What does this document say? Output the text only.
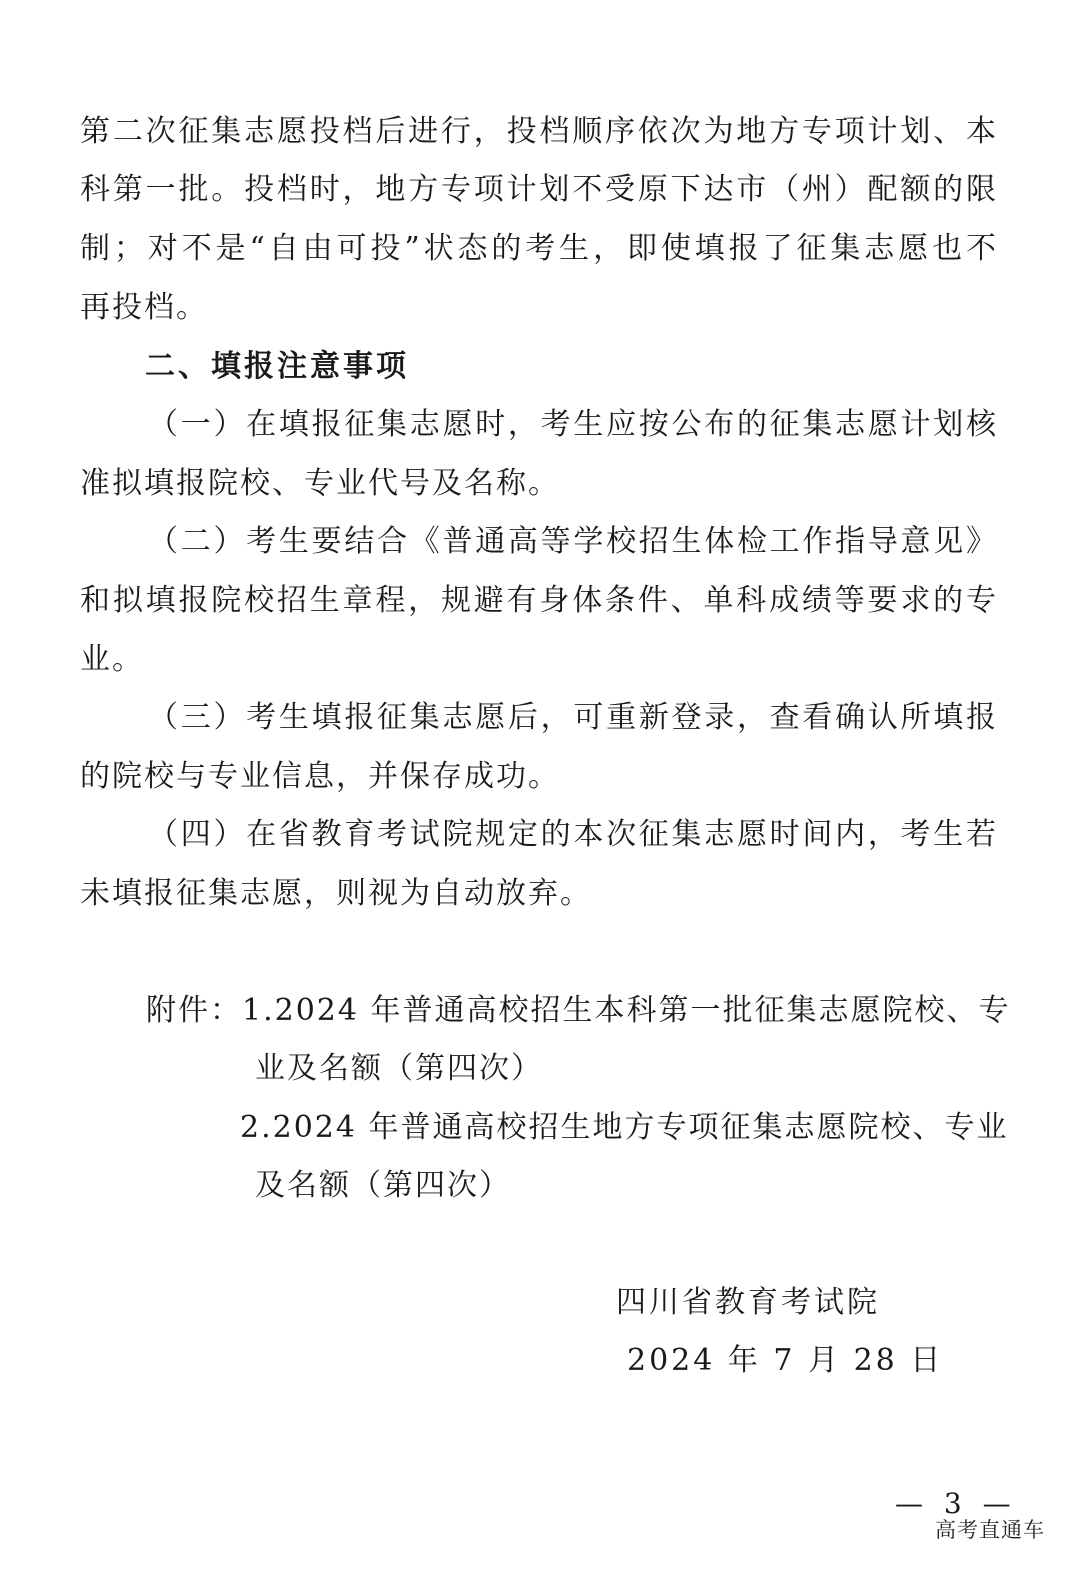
第二次征集志愿投档后进行，投档顺序依次为地方专项计划、本
科第一批。投档时，地方专项计划不受原下达市（州）配额的限
制；对不是“自由可投”状态的考生，即使填报了征集志愿也不
再投档。
二、填报注意事项
（一）在填报征集志愿时，考生应按公布的征集志愿计划核
准拟填报院校、专业代号及名称。
（二）考生要结合《普通高等学校招生体检工作指导意见》
和拟填报院校招生章程，规避有身体条件、单科成绩等要求的专
业。
（三）考生填报征集志愿后，可重新登录，查看确认所填报
的院校与专业信息，并保存成功。
（四）在省教育考试院规定的本次征集志愿时间内，考生若
未填报征集志愿，则视为自动放弃。
附件：1.2024 年普通高校招生本科第一批征集志愿院校、专
业及名额（第四次）
2.2024 年普通高校招生地方专项征集志愿院校、专业
及名额（第四次）
四川省教育考试院
2024 年 7 月 28 日
— 3 —
高考直通车
